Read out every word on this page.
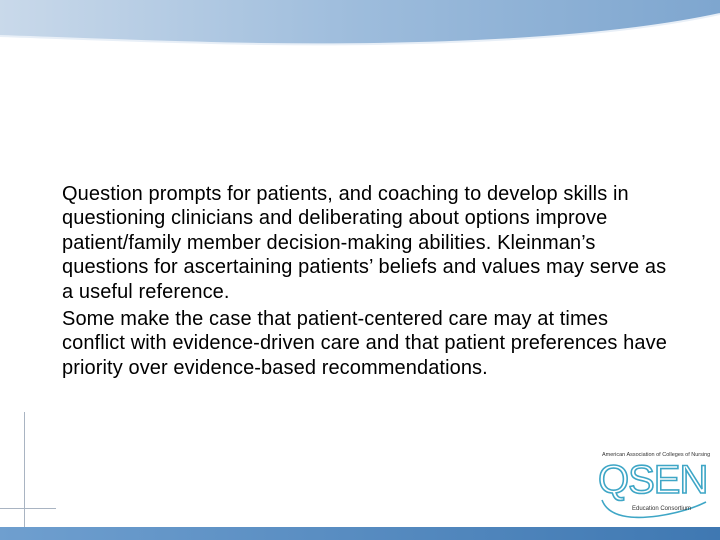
Question prompts for patients, and coaching to develop skills in questioning clinicians and deliberating about options improve patient/family member decision-making abilities. Kleinman’s questions for ascertaining patients’ beliefs and values may serve as a useful reference.

Some make the case that patient-centered care may at times conflict with evidence-driven care and that patient preferences have priority over evidence-based recommendations.

American Association of Colleges of Nursing
QSEN
Education Consortium
